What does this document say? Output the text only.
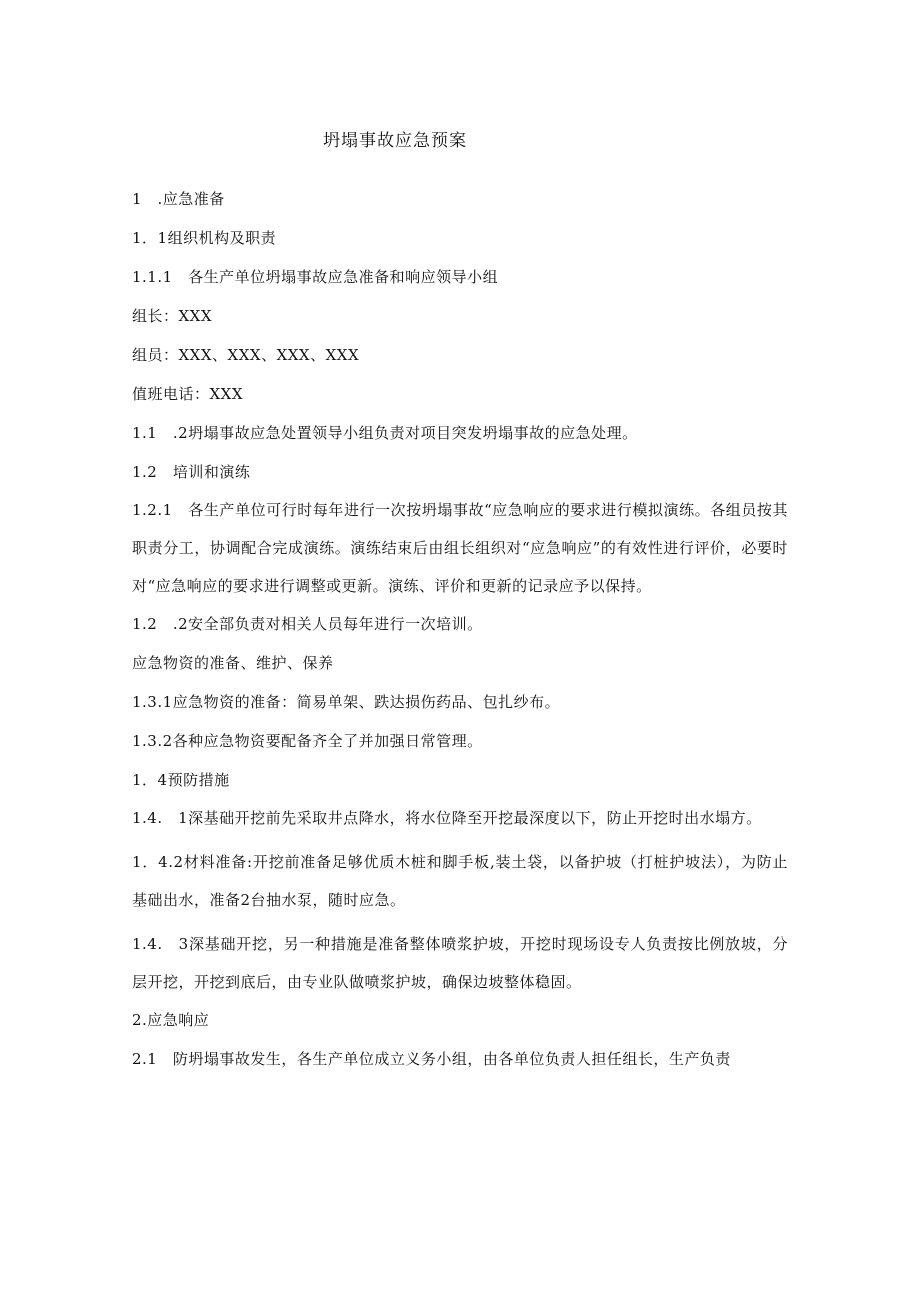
坍塌事故应急预案
1　.应急准备
1．1组织机构及职责
1.1.1　各生产单位坍塌事故应急准备和响应领导小组
组长：XXX
组员：XXX、XXX、XXX、XXX
值班电话：XXX
1.1　.2坍塌事故应急处置领导小组负责对项目突发坍塌事故的应急处理。
1.2　培训和演练
1.2.1　各生产单位可行时每年进行一次按坍塌事故“应急响应的要求进行模拟演练。各组员按其职责分工，协调配合完成演练。演练结束后由组长组织对“应急响应”的有效性进行评价，必要时对“应急响应的要求进行调整或更新。演练、评价和更新的记录应予以保持。
1.2　.2安全部负责对相关人员每年进行一次培训。
应急物资的准备、维护、保养
1.3.1应急物资的准备：简易单架、跌达损伤药品、包扎纱布。
1.3.2各种应急物资要配备齐全了并加强日常管理。
1．4预防措施
1.4.　1深基础开挖前先采取井点降水，将水位降至开挖最深度以下，防止开挖时出水塌方。
1．4.2材料准备:开挖前准备足够优质木桩和脚手板,装土袋，以备护坡（打桩护坡法），为防止基础出水，准备2台抽水泵，随时应急。
1.4.　3深基础开挖，另一种措施是准备整体喷浆护坡，开挖时现场设专人负责按比例放坡，分层开挖，开挖到底后，由专业队做喷浆护坡，确保边坡整体稳固。
2.应急响应
2.1　防坍塌事故发生，各生产单位成立义务小组，由各单位负责人担任组长，生产负责
